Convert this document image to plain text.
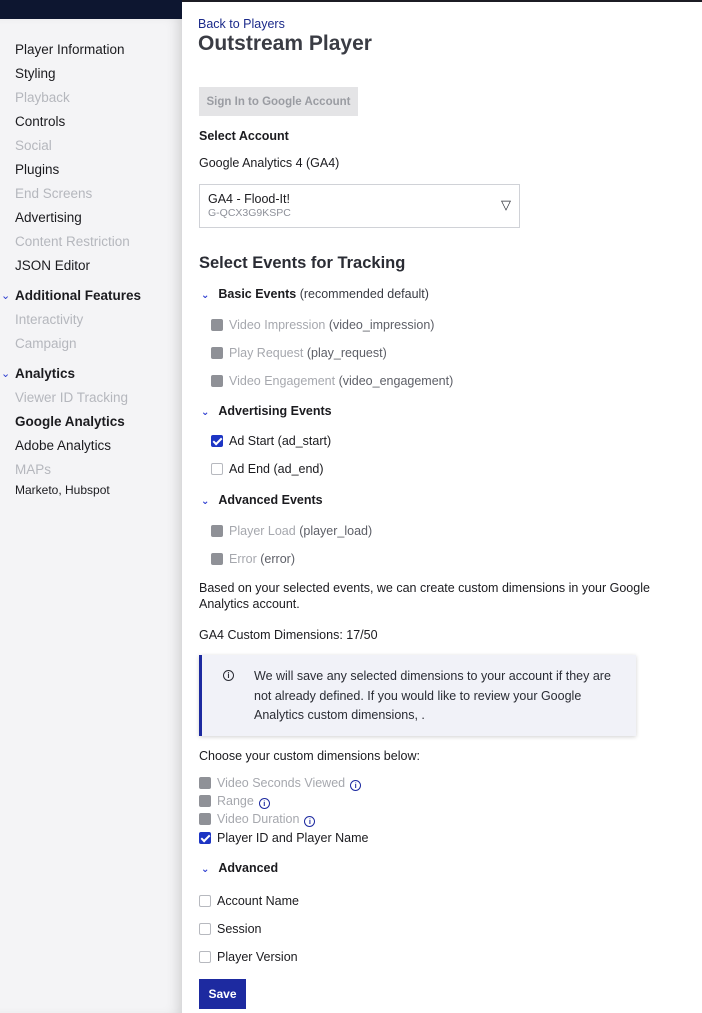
Player Information
Styling
Playback
Controls
Social
Plugins
End Screens
Advertising
Content Restriction
JSON Editor
⌄ Additional Features
Interactivity
Campaign
⌄ Analytics
Viewer ID Tracking
Google Analytics
Adobe Analytics
MAPs
Marketo, Hubspot
Back to Players
Outstream Player
Sign In to Google Account
Select Account
Google Analytics 4 (GA4)
GA4 - Flood-It!
G-QCX3G9KSPC
▽
Select Events for Tracking
⌄ Basic Events (recommended default)
Video Impression (video_impression)
Play Request (play_request)
Video Engagement (video_engagement)
⌄ Advertising Events
Ad Start (ad_start)
Ad End (ad_end)
⌄ Advanced Events
Player Load (player_load)
Error (error)

Based on your selected events, we can create custom dimensions in your Google Analytics account.

GA4 Custom Dimensions: 17/50
i	We will save any selected dimensions to your account if they are not already defined. If you would like to review your Google Analytics custom dimensions, .

Choose your custom dimensions below:
Video Seconds Viewed i
Range i
Video Duration i
Player ID and Player Name
⌄ Advanced
Account Name
Session
Player Version
Save
